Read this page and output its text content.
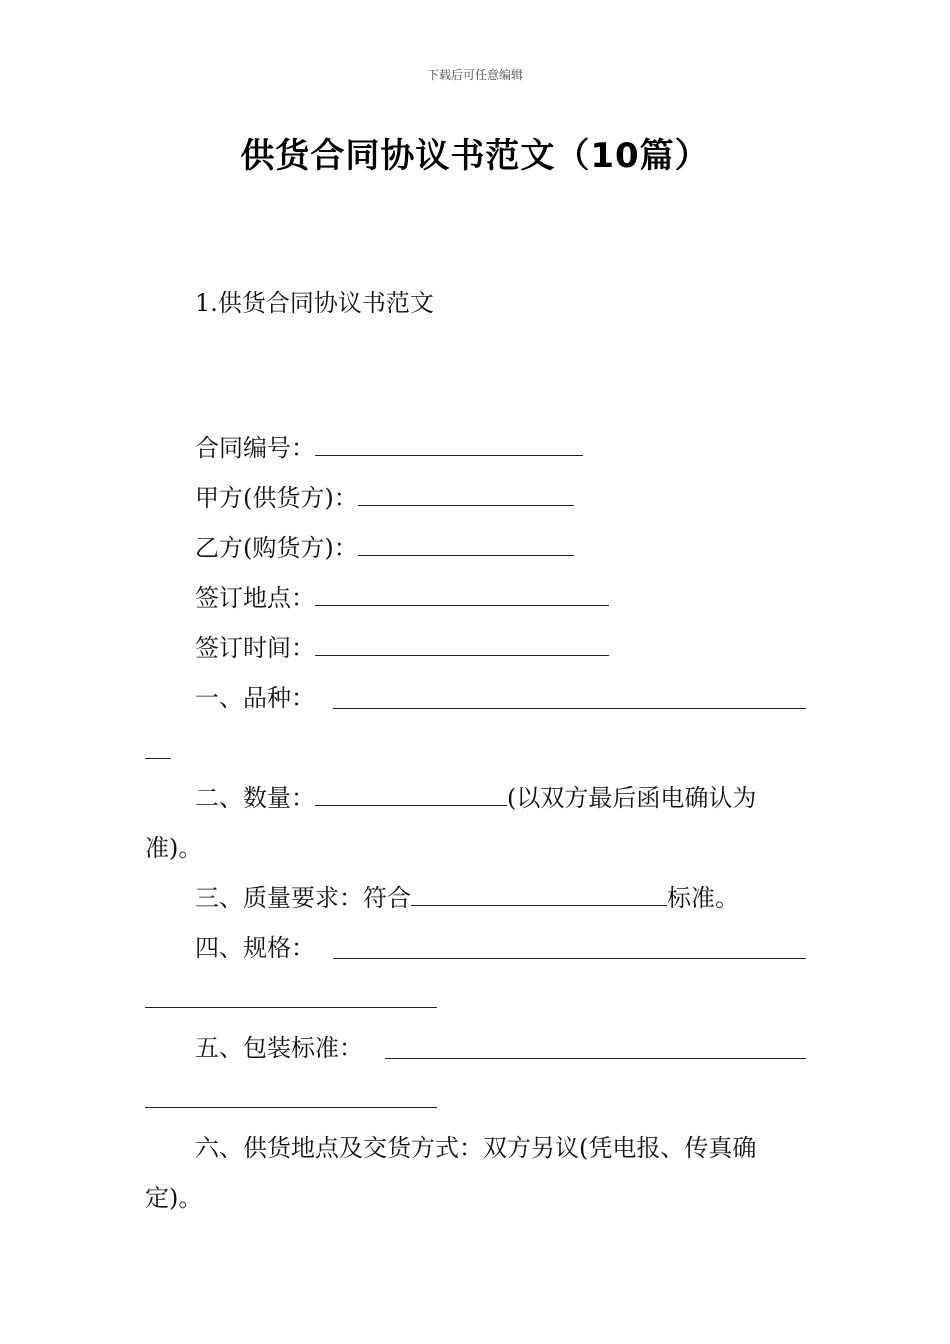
下载后可任意编辑
供货合同协议书范文（10篇）
1.供货合同协议书范文
合同编号：
甲方(供货方)：
乙方(购货方)：
签订地点：
签订时间：
一、品种：
二、数量：	(以双方最后函电确认为
准)。
三、质量要求：符合	标准。
四、规格：
五、包装标准：
六、供货地点及交货方式：双方另议(凭电报、传真确
定)。
